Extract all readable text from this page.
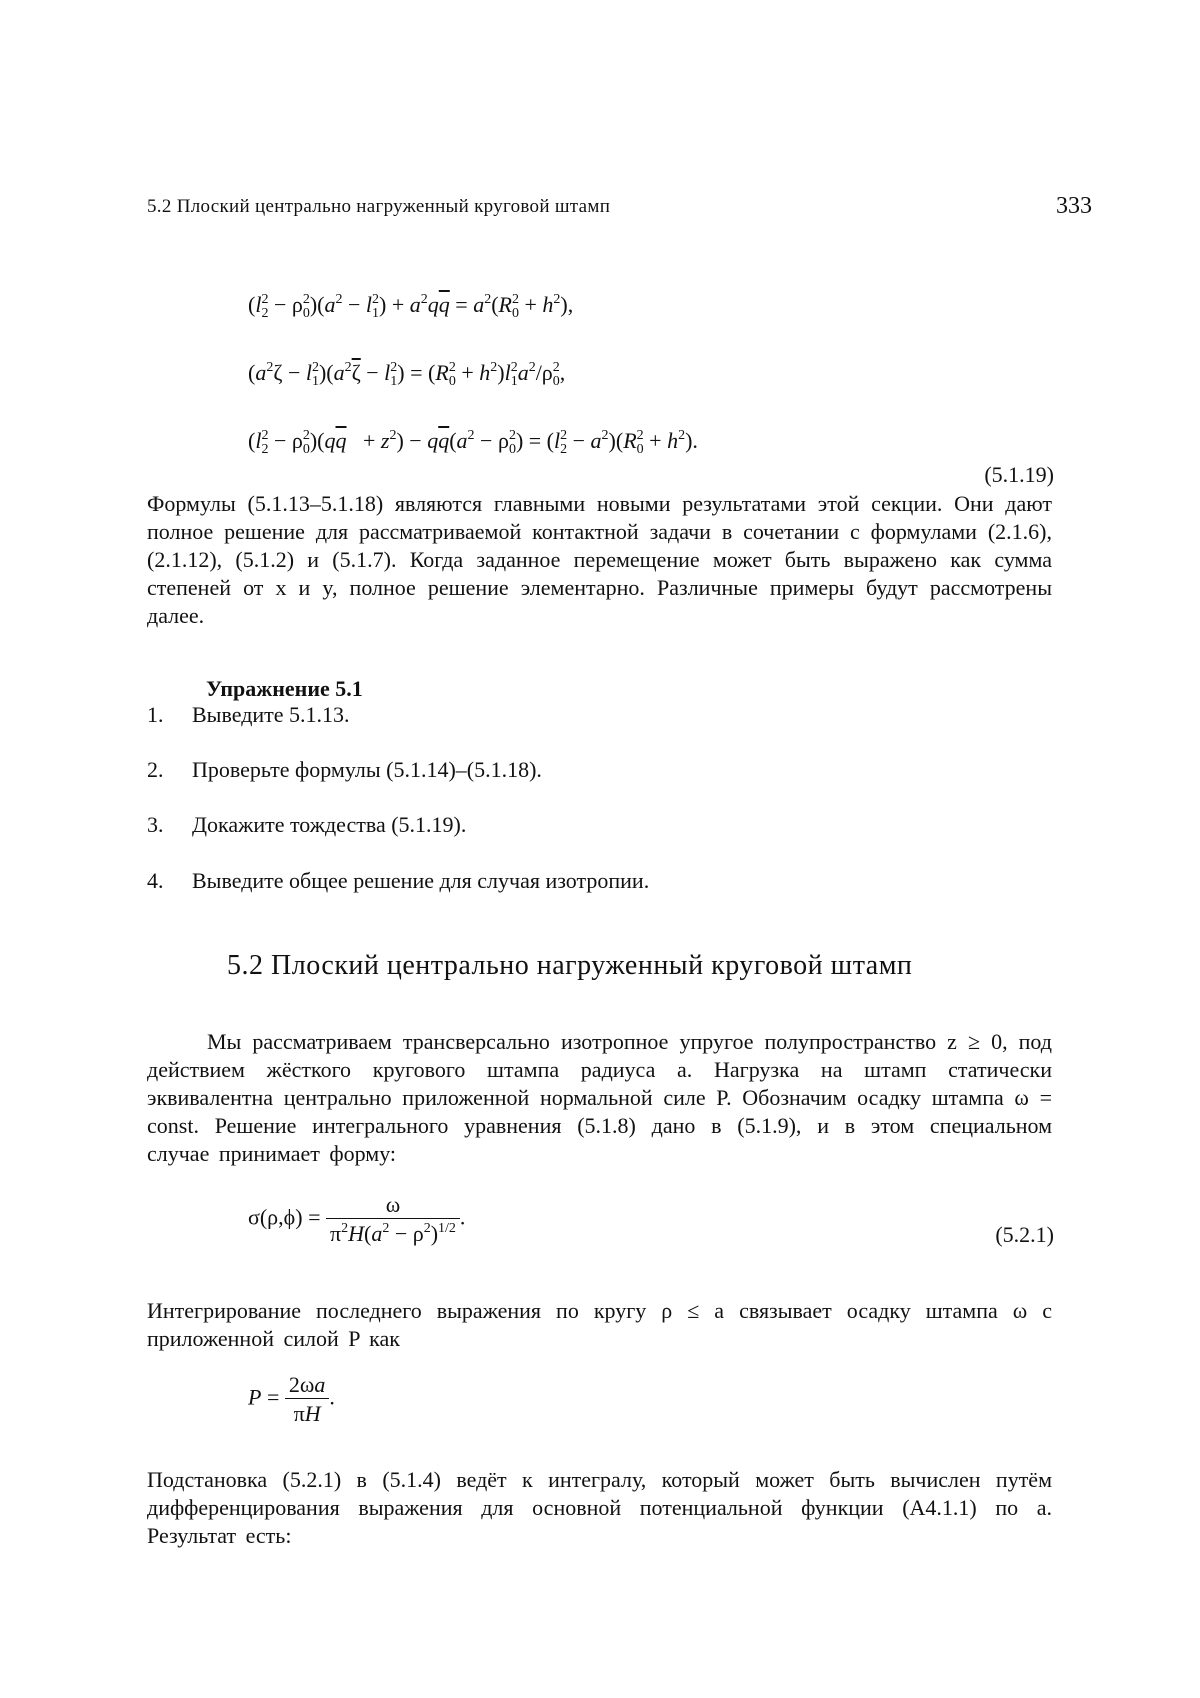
5.2 Плоский центрально нагруженный круговой штамп	333
$(l^2_2 - \rho^2_0)(a^2 - l^2_1) + a^2q\overline{q} = a^2(R^2_0 + h^2)$,
$(a^2\zeta - l^2_1)(a^2\overline{\zeta} - l^2_1) = (R^2_0 + h^2)l^2_1a^2/\rho^2_0$,
$(l^2_2 - \rho^2_0)(q\overline{q} + z^2) - q\overline{q}(a^2 - \rho^2_0) = (l^2_2 - a^2)(R^2_0 + h^2)$.
(5.1.19)
Формулы (5.1.13–5.1.18) являются главными новыми результатами этой секции. Они дают полное решение для рассматриваемой контактной задачи в сочетании с формулами (2.1.6), (2.1.12), (5.1.2) и (5.1.7). Когда заданное перемещение может быть выражено как сумма степеней от x и y, полное решение элементарно. Различные примеры будут рассмотрены далее.
Упражнение 5.1
1. Выведите 5.1.13.
2. Проверьте формулы (5.1.14)–(5.1.18).
3. Докажите тождества (5.1.19).
4. Выведите общее решение для случая изотропии.
5.2 Плоский центрально нагруженный круговой штамп
Мы рассматриваем трансверсально изотропное упругое полупространство z ≥ 0, под действием жёсткого кругового штампа радиуса a. Нагрузка на штамп статически эквивалентна центрально приложенной нормальной силе P. Обозначим осадку штампа ω = const. Решение интегрального уравнения (5.1.8) дано в (5.1.9), и в этом специальном случае принимает форму:
$\sigma(\rho,\phi) = \frac{\omega}{\pi^2H(a^2 - \rho^2)^{1/2}}$ .
(5.2.1)
Интегрирование последнего выражения по кругу ρ ≤ a связывает осадку штампа ω с приложенной силой P как
$P = \frac{2\omega a}{\pi H}$ .
Подстановка (5.2.1) в (5.1.4) ведёт к интегралу, который может быть вычислен путём дифференцирования выражения для основной потенциальной функции (A4.1.1) по a. Результат есть:
